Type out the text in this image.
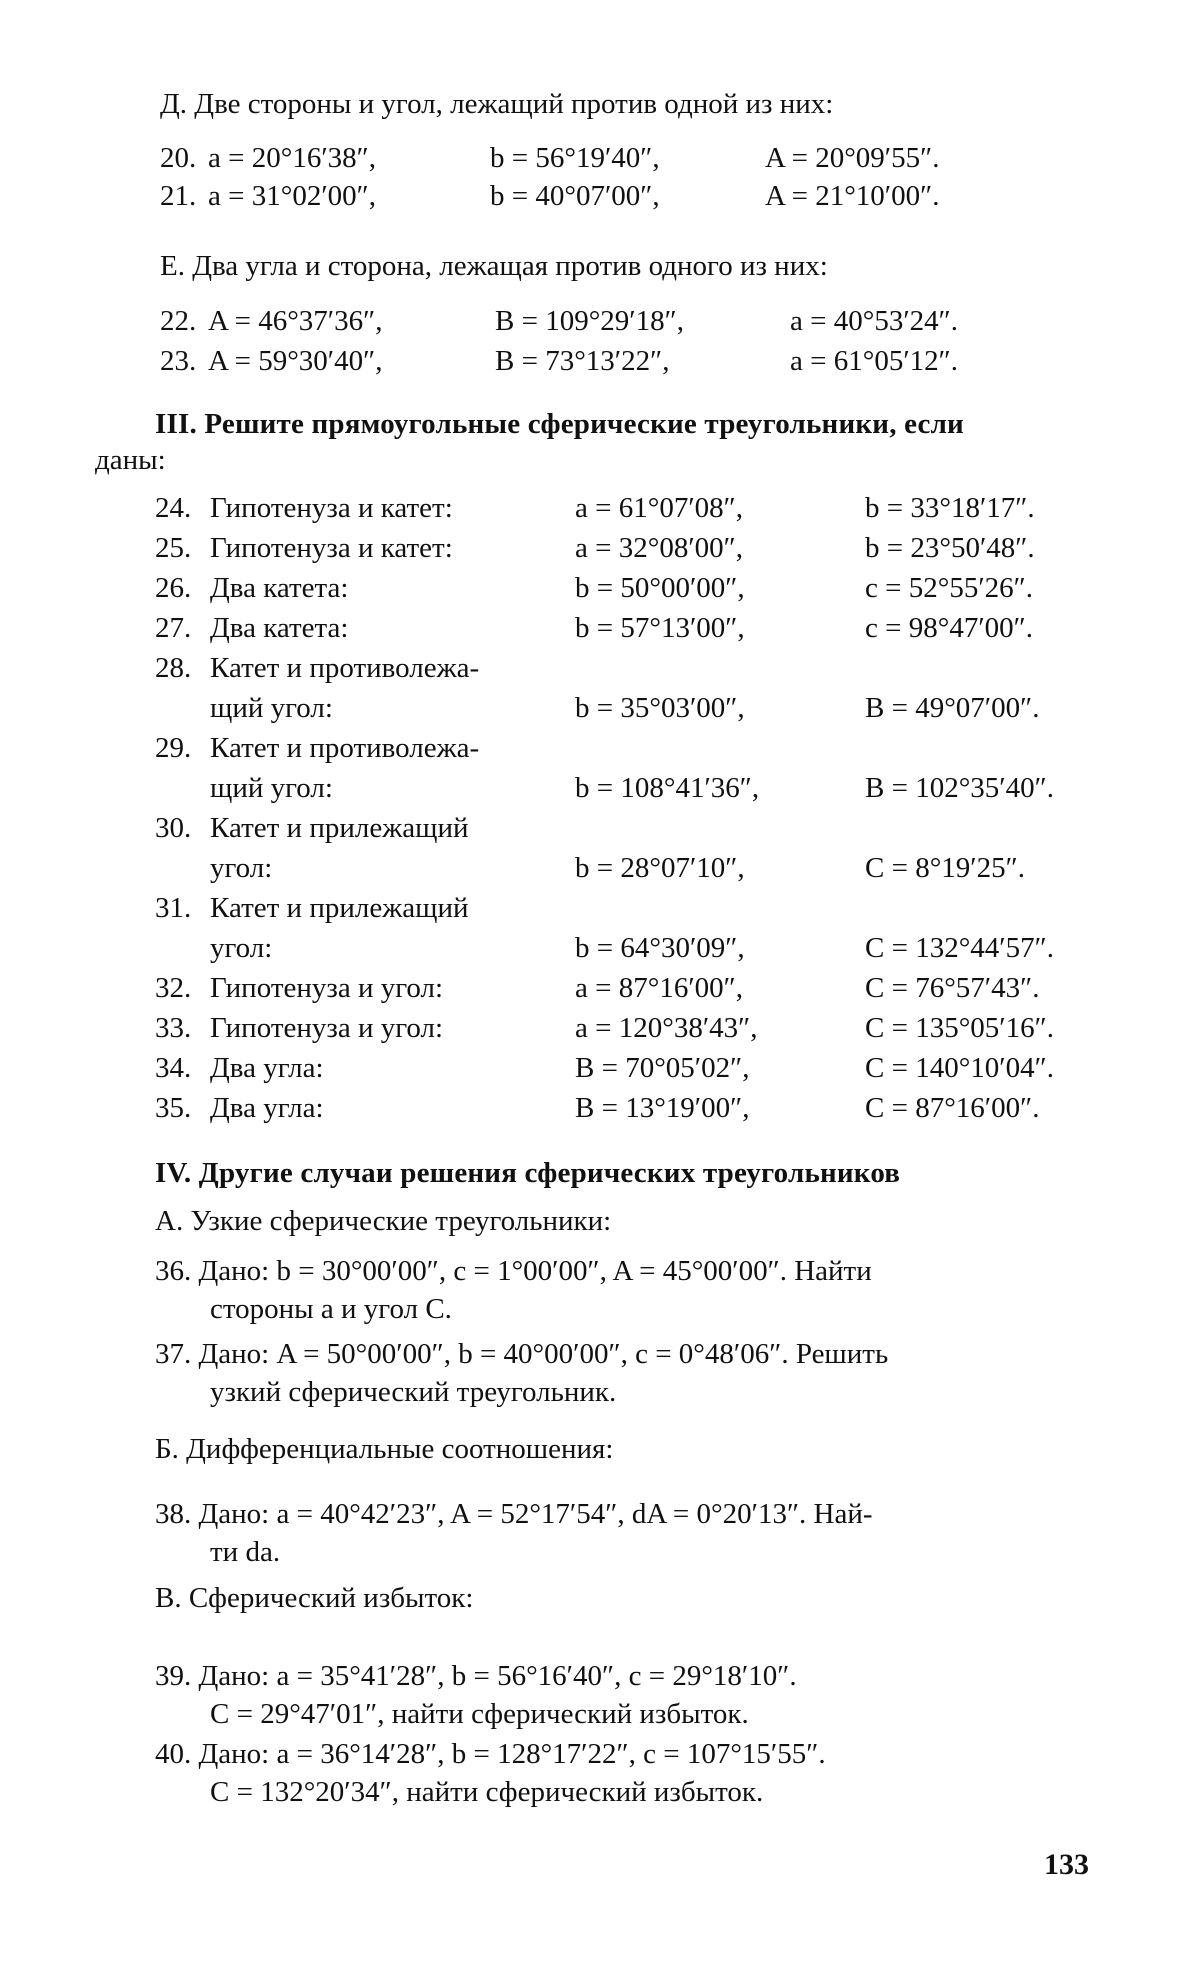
Д. Две стороны и угол, лежащий против одной из них:
20. a = 20°16′38″,	b = 56°19′40″,	A = 20°09′55″.
21. a = 31°02′00″,	b = 40°07′00″,	A = 21°10′00″.
Е. Два угла и сторона, лежащая против одного из них:
22. A = 46°37′36″,	B = 109°29′18″,	a = 40°53′24″.
23. A = 59°30′40″,	B = 73°13′22″,	a = 61°05′12″.
III. Решите прямоугольные сферические треугольники, если
даны:
24. Гипотенуза и катет:	a = 61°07′08″,	b = 33°18′17″.
25. Гипотенуза и катет:	a = 32°08′00″,	b = 23°50′48″.
26. Два катета:	b = 50°00′00″,	c = 52°55′26″.
27. Два катета:	b = 57°13′00″,	c = 98°47′00″.
28. Катет и противолежа-
щий угол:	b = 35°03′00″,	B = 49°07′00″.
29. Катет и противолежа-
щий угол:	b = 108°41′36″,	B = 102°35′40″.
30. Катет и прилежащий
угол:	b = 28°07′10″,	C = 8°19′25″.
31. Катет и прилежащий
угол:	b = 64°30′09″,	C = 132°44′57″.
32. Гипотенуза и угол:	a = 87°16′00″,	C = 76°57′43″.
33. Гипотенуза и угол:	a = 120°38′43″,	C = 135°05′16″.
34. Два угла:	B = 70°05′02″,	C = 140°10′04″.
35. Два угла:	B = 13°19′00″,	C = 87°16′00″.
IV. Другие случаи решения сферических треугольников
А. Узкие сферические треугольники:
36. Дано: b = 30°00′00″, c = 1°00′00″, A = 45°00′00″. Найти
стороны a и угол C.
37. Дано: A = 50°00′00″, b = 40°00′00″, c = 0°48′06″. Решить
узкий сферический треугольник.
Б. Дифференциальные соотношения:
38. Дано: a = 40°42′23″, A = 52°17′54″, dA = 0°20′13″. Най-
ти da.
В. Сферический избыток:
39. Дано: a = 35°41′28″, b = 56°16′40″, c = 29°18′10″.
C = 29°47′01″, найти сферический избыток.
40. Дано: a = 36°14′28″, b = 128°17′22″, c = 107°15′55″.
C = 132°20′34″, найти сферический избыток.
133
